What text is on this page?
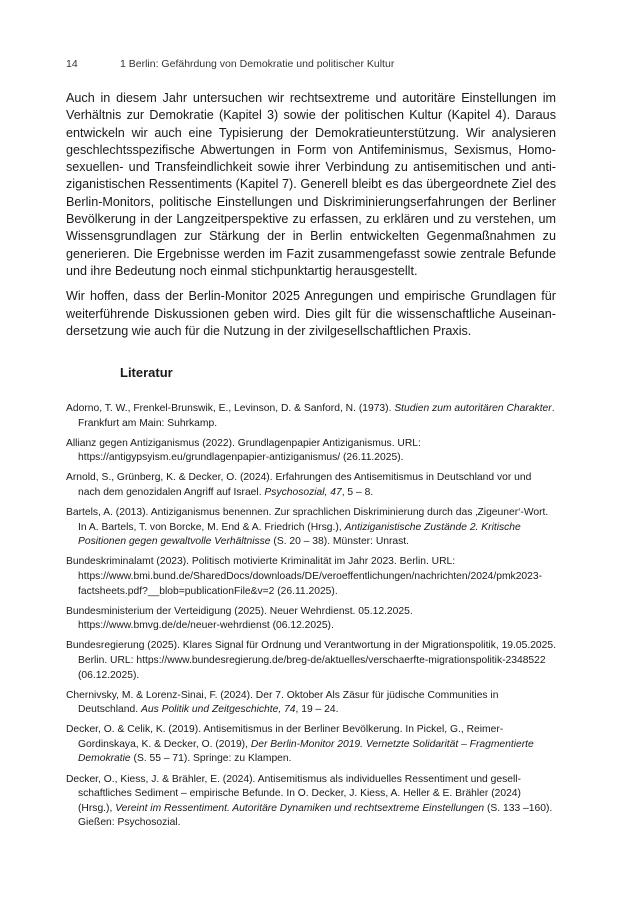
14	1 Berlin: Gefährdung von Demokratie und politischer Kultur

Auch in diesem Jahr untersuchen wir rechtsextreme und autoritäre Einstellungen im Verhältnis zur Demokratie (Kapitel 3) sowie der politischen Kultur (Kapitel 4). Daraus entwickeln wir auch eine Typisierung der Demokratieunterstützung. Wir analysieren geschlechtsspezifische Abwertungen in Form von Antifeminismus, Sexismus, Homosexuellen- und Transfeindlichkeit sowie ihrer Verbindung zu antisemitischen und antiziganistischen Ressentiments (Kapitel 7). Generell bleibt es das übergeordnete Ziel des Berlin-Monitors, politische Einstellungen und Diskriminierungserfahrungen der Berliner Bevölkerung in der Langzeitperspektive zu erfassen, zu erklären und zu verstehen, um Wissensgrundlagen zur Stärkung der in Berlin entwickelten Gegenmaßnahmen zu generieren. Die Ergebnisse werden im Fazit zusammengefasst sowie zentrale Befunde und ihre Bedeutung noch einmal stichpunktartig herausgestellt.

Wir hoffen, dass der Berlin-Monitor 2025 Anregungen und empirische Grundlagen für weiterführende Diskussionen geben wird. Dies gilt für die wissenschaftliche Auseinandersetzung wie auch für die Nutzung in der zivilgesellschaftlichen Praxis.

Literatur
Adorno, T. W., Frenkel-Brunswik, E., Levinson, D. & Sanford, N. (1973). Studien zum autoritären Charakter. Frankfurt am Main: Suhrkamp.
Allianz gegen Antiziganismus (2022). Grundlagenpapier Antiziganismus. URL: https://antigypsyism.eu/grundlagenpapier-antiziganismus/ (26.11.2025).
Arnold, S., Grünberg, K. & Decker, O. (2024). Erfahrungen des Antisemitismus in Deutschland vor und nach dem genozidalen Angriff auf Israel. Psychosozial, 47, 5 – 8.
Bartels, A. (2013). Antiziganismus benennen. Zur sprachlichen Diskriminierung durch das ‚Zigeuner‘-Wort. In A. Bartels, T. von Borcke, M. End & A. Friedrich (Hrsg.), Antiziganistische Zustände 2. Kritische Positionen gegen gewaltvolle Verhältnisse (S. 20 – 38). Münster: Unrast.
Bundeskriminalamt (2023). Politisch motivierte Kriminalität im Jahr 2023. Berlin. URL: https://www.bmi.bund.de/SharedDocs/downloads/DE/veroeffentlichungen/nachrichten/2024/pmk2023-factsheets.pdf?__blob=publicationFile&v=2 (26.11.2025).
Bundesministerium der Verteidigung (2025). Neuer Wehrdienst. 05.12.2025. https://www.bmvg.de/de/neuer-wehrdienst (06.12.2025).
Bundesregierung (2025). Klares Signal für Ordnung und Verantwortung in der Migrationspolitik, 19.05.2025. Berlin. URL: https://www.bundesregierung.de/breg-de/aktuelles/verschaerfte-migrationspolitik-2348522 (06.12.2025).
Chernivsky, M. & Lorenz-Sinai, F. (2024). Der 7. Oktober Als Zäsur für jüdische Communities in Deutschland. Aus Politik und Zeitgeschichte, 74, 19 – 24.
Decker, O. & Celik, K. (2019). Antisemitismus in der Berliner Bevölkerung. In Pickel, G., Reimer-Gordinskaya, K. & Decker, O. (2019), Der Berlin-Monitor 2019. Vernetzte Solidarität – Fragmentierte Demokratie (S. 55 – 71). Springe: zu Klampen.
Decker, O., Kiess, J. & Brähler, E. (2024). Antisemitismus als individuelles Ressentiment und gesellschaftliches Sediment – empirische Befunde. In O. Decker, J. Kiess, A. Heller & E. Brähler (2024) (Hrsg.), Vereint im Ressentiment. Autoritäre Dynamiken und rechtsextreme Einstellungen (S. 133 –160). Gießen: Psychosozial.
